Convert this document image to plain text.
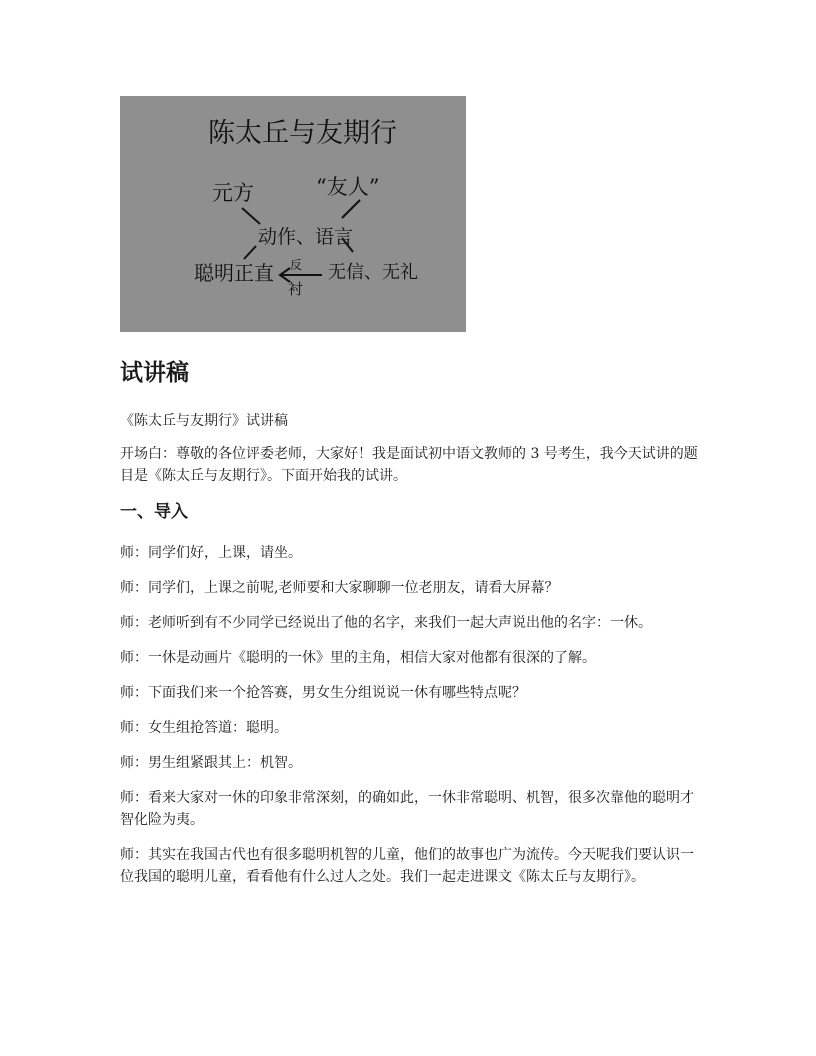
陈太丘与友期行
元方	“友人”
动作、语言
聪明正直	无信、无礼
反
衬
试讲稿

《陈太丘与友期行》试讲稿

开场白：尊敬的各位评委老师，大家好！我是面试初中语文教师的 3 号考生，我今天试讲的题目是《陈太丘与友期行》。下面开始我的试讲。

一、导入

师：同学们好，上课，请坐。

师：同学们，上课之前呢,老师要和大家聊聊一位老朋友，请看大屏幕？

师：老师听到有不少同学已经说出了他的名字，来我们一起大声说出他的名字：一休。

师：一休是动画片《聪明的一休》里的主角，相信大家对他都有很深的了解。

师：下面我们来一个抢答赛，男女生分组说说一休有哪些特点呢？

师：女生组抢答道：聪明。

师：男生组紧跟其上：机智。

师：看来大家对一休的印象非常深刻，的确如此，一休非常聪明、机智，很多次靠他的聪明才智化险为夷。

师：其实在我国古代也有很多聪明机智的儿童，他们的故事也广为流传。今天呢我们要认识一位我国的聪明儿童，看看他有什么过人之处。我们一起走进课文《陈太丘与友期行》。
